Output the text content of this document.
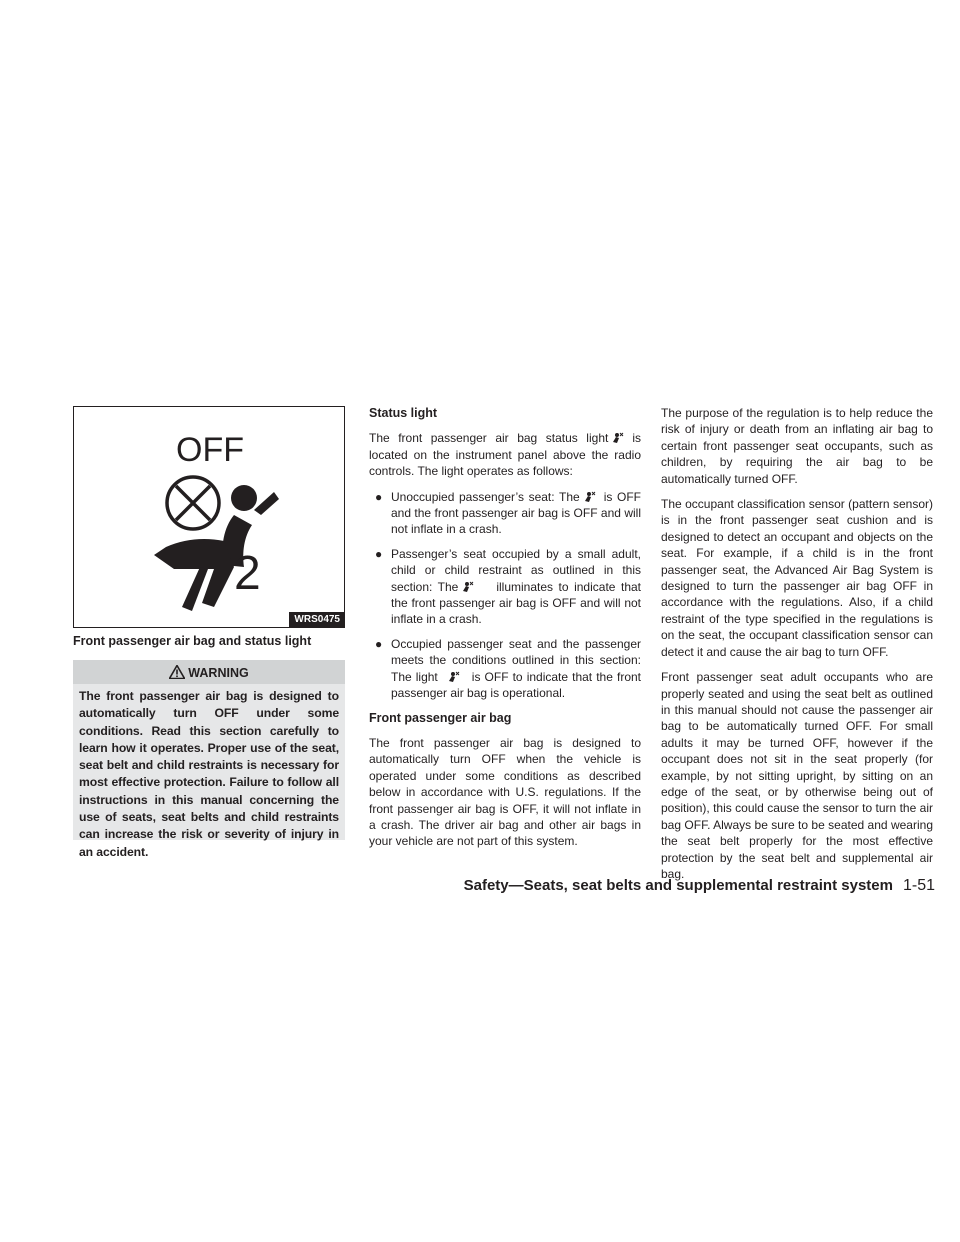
OFF
2
WRS0475
Front passenger air bag and status light
WARNING
The front passenger air bag is designed to automatically turn OFF under some conditions. Read this section carefully to learn how it operates. Proper use of the seat, seat belt and child restraints is necessary for most effective protection. Failure to follow all instructions in this manual concerning the use of seats, seat belts and child restraints can increase the risk or severity of injury in an accident.
Status light

The front passenger air bag status light is located on the instrument panel above the radio controls. The light operates as follows:

● Unoccupied passenger’s seat: The is OFF and the front passenger air bag is OFF and will not inflate in a crash.
● Passenger’s seat occupied by a small adult, child or child restraint as outlined in this section: The	illuminates to indicate that the front passenger air bag is OFF and will not inflate in a crash.
● Occupied passenger seat and the passenger meets the conditions outlined in this section: The light	is OFF to indicate that the front passenger air bag is operational.
Front passenger air bag

The front passenger air bag is designed to automatically turn OFF when the vehicle is operated under some conditions as described below in accordance with U.S. regulations. If the front passenger air bag is OFF, it will not inflate in a crash. The driver air bag and other air bags in your vehicle are not part of this system.

The purpose of the regulation is to help reduce the risk of injury or death from an inflating air bag to certain front passenger seat occupants, such as children, by requiring the air bag to be automatically turned OFF.

The occupant classification sensor (pattern sensor) is in the front passenger seat cushion and is designed to detect an occupant and objects on the seat. For example, if a child is in the front passenger seat, the Advanced Air Bag System is designed to turn the passenger air bag OFF in accordance with the regulations. Also, if a child restraint of the type specified in the regulations is on the seat, the occupant classification sensor can detect it and cause the air bag to turn OFF.

Front passenger seat adult occupants who are properly seated and using the seat belt as outlined in this manual should not cause the passenger air bag to be automatically turned OFF. For small adults it may be turned OFF, however if the occupant does not sit in the seat properly (for example, by not sitting upright, by sitting on an edge of the seat, or by otherwise being out of position), this could cause the sensor to turn the air bag OFF. Always be sure to be seated and wearing the seat belt properly for the most effective protection by the seat belt and supplemental air bag.

Safety—Seats, seat belts and supplemental restraint system 1-51
